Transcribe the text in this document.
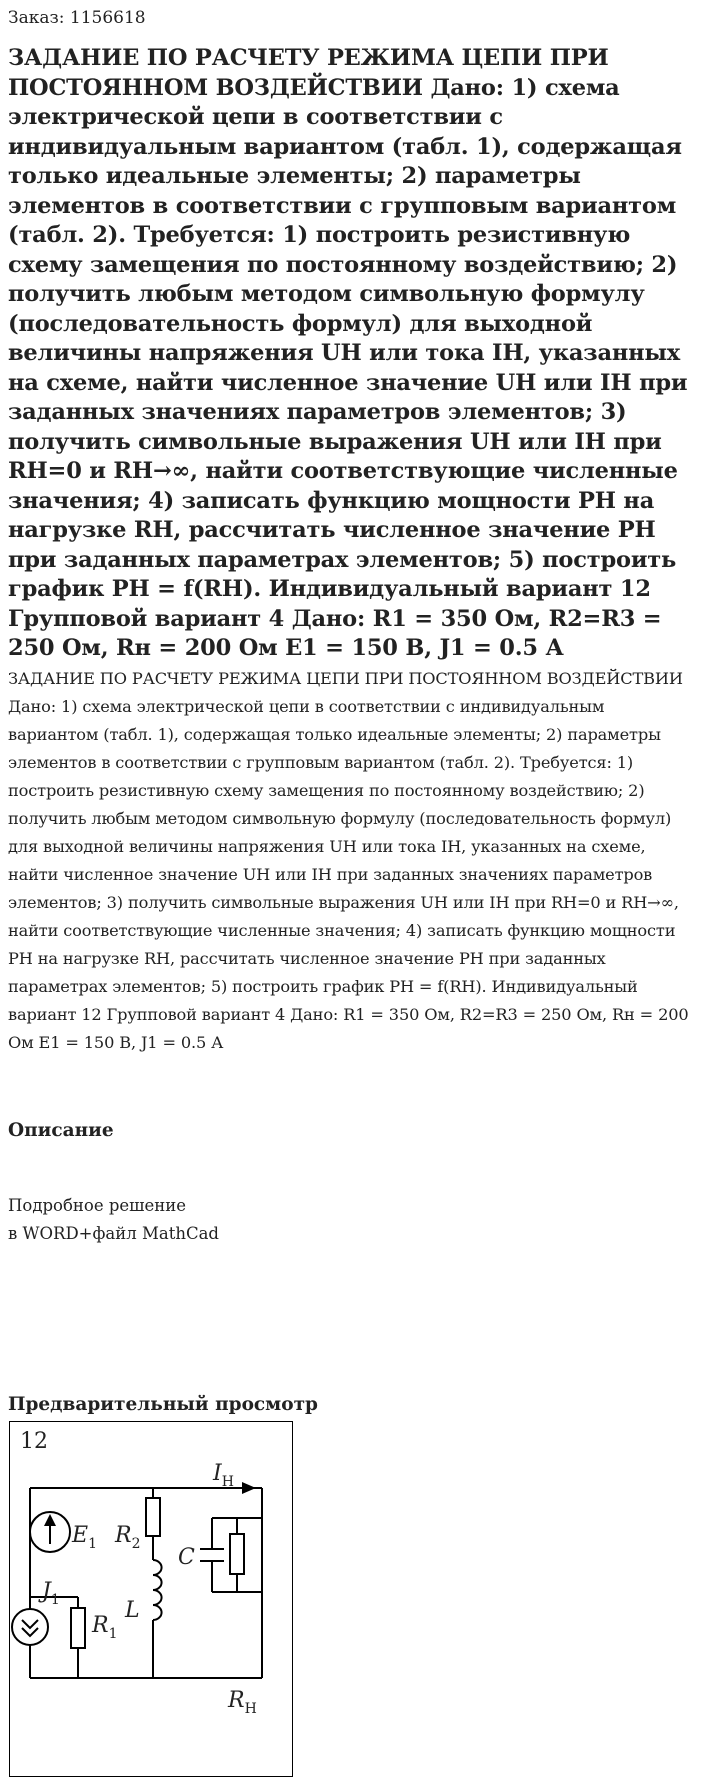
Заказ: 1156618
ЗАДАНИЕ ПО РАСЧЕТУ РЕЖИМА ЦЕПИ ПРИ ПОСТОЯННОМ ВОЗДЕЙСТВИИ Дано: 1) схема электрической цепи в соответствии с индивидуальным вариантом (табл. 1), содержащая только идеальные элементы; 2) параметры элементов в соответствии с групповым вариантом (табл. 2). Требуется: 1) построить резистивную схему замещения по постоянному воздействию; 2) получить любым методом символьную формулу (последовательность формул) для выходной величины напряжения UН или тока IН, указанных на схеме, найти численное значение UН или IН при заданных значениях параметров элементов; 3) получить символьные выражения UН или IН при RН=0 и RН→∞, найти соответствующие численные значения; 4) записать функцию мощности PН на нагрузке RН, рассчитать численное значение PН при заданных параметрах элементов; 5) построить график PН = f(RН). Индивидуальный вариант 12 Групповой вариант 4 Дано: R1 = 350 Ом, R2=R3 = 250 Ом, Rн = 200 Ом E1 = 150 В, J1 = 0.5 А

ЗАДАНИЕ ПО РАСЧЕТУ РЕЖИМА ЦЕПИ ПРИ ПОСТОЯННОМ ВОЗДЕЙСТВИИ Дано: 1) схема электрической цепи в соответствии с индивидуальным вариантом (табл. 1), содержащая только идеальные элементы; 2) параметры элементов в соответствии с групповым вариантом (табл. 2). Требуется: 1) построить резистивную схему замещения по постоянному воздействию; 2) получить любым методом символьную формулу (последовательность формул) для выходной величины напряжения UН или тока IН, указанных на схеме, найти численное значение UН или IН при заданных значениях параметров элементов; 3) получить символьные выражения UН или IН при RН=0 и RН→∞, найти соответствующие численные значения; 4) записать функцию мощности PН на нагрузке RН, рассчитать численное значение PН при заданных параметрах элементов; 5) построить график PН = f(RН). Индивидуальный вариант 12 Групповой вариант 4 Дано: R1 = 350 Ом, R2=R3 = 250 Ом, Rн = 200 Ом E1 = 150 В, J1 = 0.5 А

Описание
Подробное решение
в WORD+файл MathCad
Предварительный просмотр
12
$I_Н$
$E_1$ $R_2$
$J_1$
$R_1$
C
L
$R_Н$
